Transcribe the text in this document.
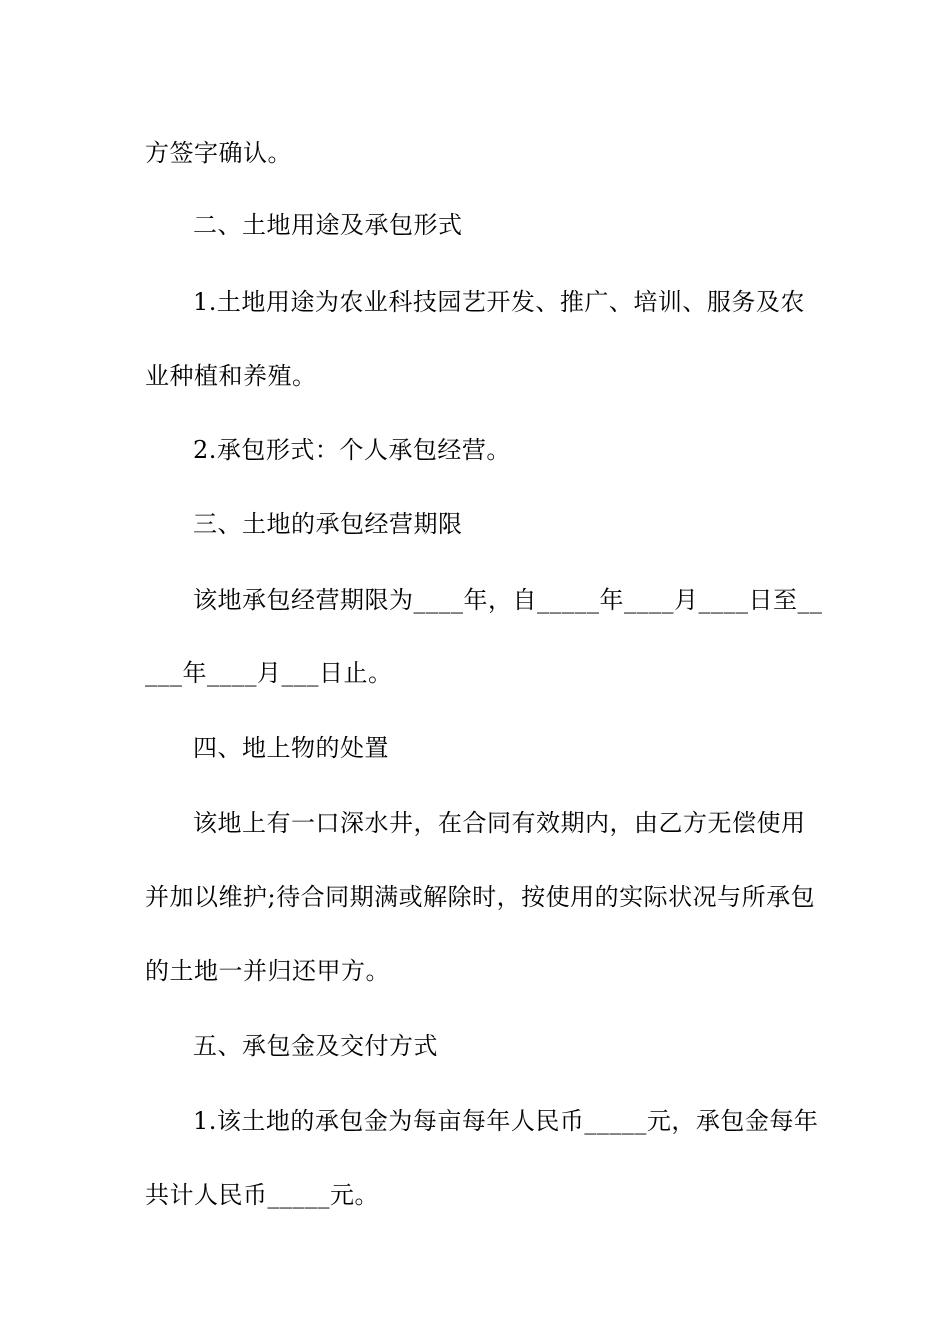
方签字确认。
二、土地用途及承包形式
1.土地用途为农业科技园艺开发、推广、培训、服务及农
业种植和养殖。
2.承包形式：个人承包经营。
三、土地的承包经营期限
该地承包经营期限为____年，自_____年____月____日至__
___年____月___日止。
四、地上物的处置
该地上有一口深水井，在合同有效期内，由乙方无偿使用
并加以维护;待合同期满或解除时，按使用的实际状况与所承包
的土地一并归还甲方。
五、承包金及交付方式
1.该土地的承包金为每亩每年人民币_____元，承包金每年
共计人民币_____元。
